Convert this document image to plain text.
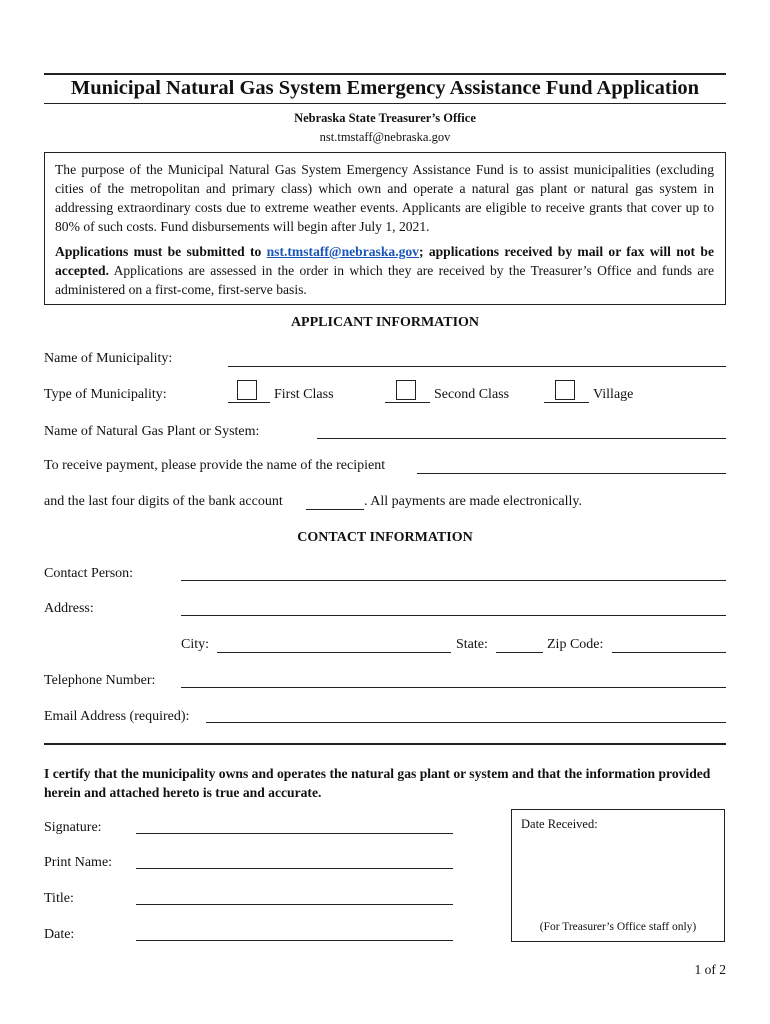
Municipal Natural Gas System Emergency Assistance Fund Application
Nebraska State Treasurer’s Office
nst.tmstaff@nebraska.gov

The purpose of the Municipal Natural Gas System Emergency Assistance Fund is to assist municipalities (excluding cities of the metropolitan and primary class) which own and operate a natural gas plant or natural gas system in addressing extraordinary costs due to extreme weather events. Applicants are eligible to receive grants that cover up to 80% of such costs. Fund disbursements will begin after July 1, 2021.

Applications must be submitted to nst.tmstaff@nebraska.gov; applications received by mail or fax will not be accepted. Applications are assessed in the order in which they are received by the Treasurer’s Office and funds are administered on a first-come, first-serve basis.

APPLICANT INFORMATION
Name of Municipality:
Type of Municipality:	First Class	Second Class	Village
Name of Natural Gas Plant or System:
To receive payment, please provide the name of the recipient
and the last four digits of the bank account	. All payments are made electronically.
CONTACT INFORMATION
Contact Person:
Address:
City:	State:	Zip Code:
Telephone Number:
Email Address (required):
I certify that the municipality owns and operates the natural gas plant or system and that the information provided herein and attached hereto is true and accurate.
Signature:
Print Name:
Title:
Date:
Date Received:
(For Treasurer’s Office staff only)
1 of 2
